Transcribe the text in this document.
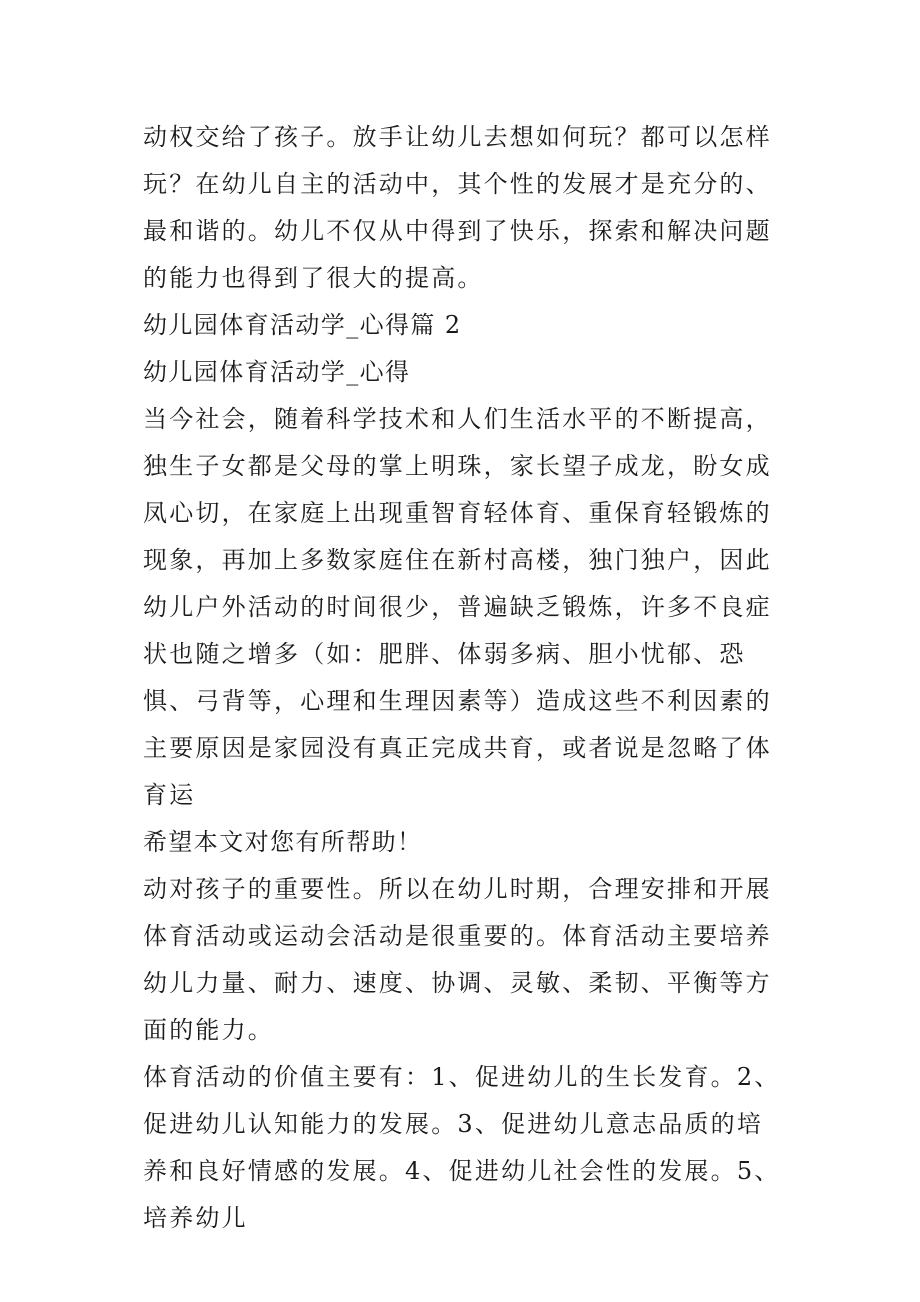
动权交给了孩子。放手让幼儿去想如何玩？都可以怎样玩？在幼儿自主的活动中，其个性的发展才是充分的、最和谐的。幼儿不仅从中得到了快乐，探索和解决问题的能力也得到了很大的提高。

幼儿园体育活动学_心得篇 2

幼儿园体育活动学_心得

当今社会，随着科学技术和人们生活水平的不断提高，独生子女都是父母的掌上明珠，家长望子成龙，盼女成凤心切，在家庭上出现重智育轻体育、重保育轻锻炼的现象，再加上多数家庭住在新村高楼，独门独户，因此幼儿户外活动的时间很少，普遍缺乏锻炼，许多不良症状也随之增多（如：肥胖、体弱多病、胆小忧郁、恐惧、弓背等，心理和生理因素等）造成这些不利因素的主要原因是家园没有真正完成共育，或者说是忽略了体育运

希望本文对您有所帮助！

动对孩子的重要性。所以在幼儿时期，合理安排和开展体育活动或运动会活动是很重要的。体育活动主要培养幼儿力量、耐力、速度、协调、灵敏、柔韧、平衡等方面的能力。

体育活动的价值主要有：1、促进幼儿的生长发育。2、促进幼儿认知能力的发展。3、促进幼儿意志品质的培养和良好情感的发展。4、促进幼儿社会性的发展。5、培养幼儿
